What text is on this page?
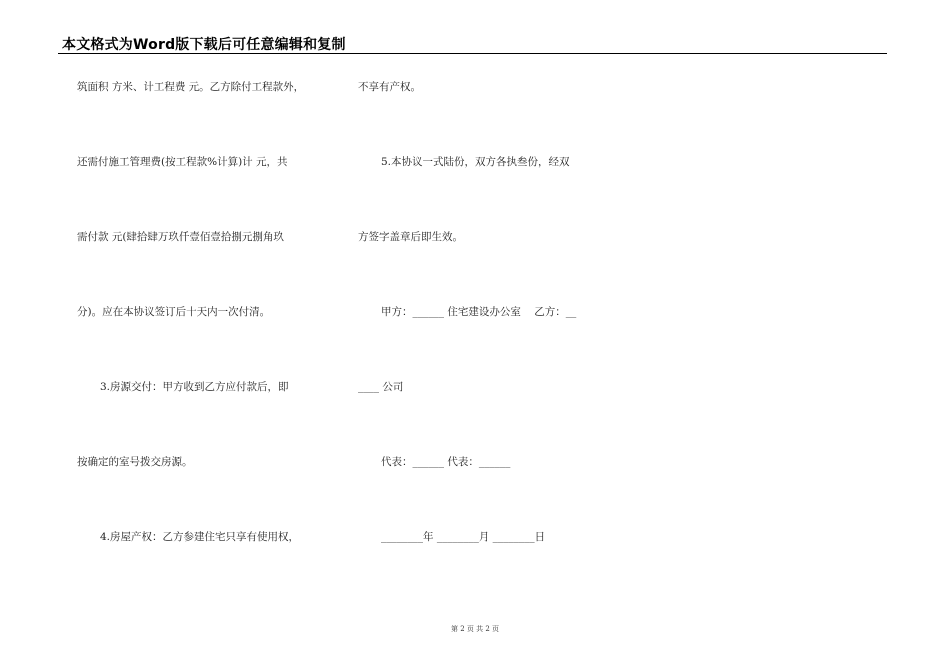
本文格式为Word版下载后可任意编辑和复制
筑面积 方米、计工程费 元。乙方除付工程款外，
还需付施工管理费(按工程款%计算)计 元，共
需付款 元(肆拾肆万玖仟壹佰壹拾捌元捌角玖
分)。应在本协议签订后十天内一次付清。
3.房源交付：甲方收到乙方应付款后，即
按确定的室号拨交房源。
4.房屋产权：乙方参建住宅只享有使用权，
不享有产权。
5.本协议一式陆份，双方各执叁份，经双
方签字盖章后即生效。
甲方：______ 住宅建设办公室    乙方：__
____ 公司
代表：______ 代表：______
________年 ________月 ________日
第 2 页 共 2 页
